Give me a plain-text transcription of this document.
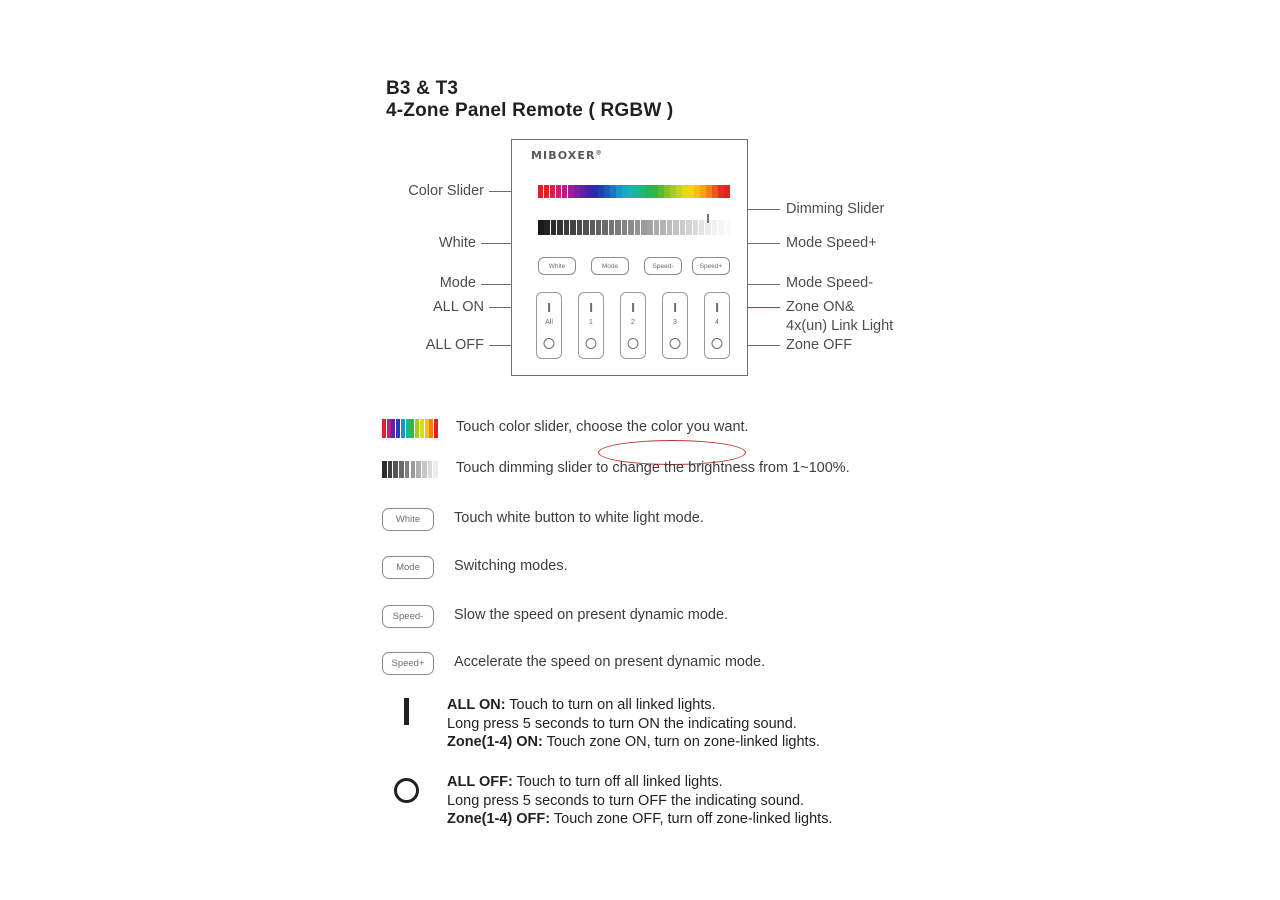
B3 & T3
4-Zone Panel Remote ( RGBW )
Color Slider
White
Mode
ALL ON
ALL OFF
Dimming Slider
Mode Speed+
Mode Speed-
Zone ON&
4x(un) Link Light
Zone OFF
MIBOXER®
White	Mode	Speed-	Speed+
All	1	2	3	4
Touch color slider, choose the color you want.
Touch dimming slider to change the brightness from 1~100%.
White Touch white button to white light mode.
Mode Switching modes.
Speed- Slow the speed on present dynamic mode.
Speed+ Accelerate the speed on present dynamic mode.
ALL ON: Touch to turn on all linked lights.
Long press 5 seconds to turn ON the indicating sound.
Zone(1-4) ON: Touch zone ON, turn on zone-linked lights.
ALL OFF: Touch to turn off all linked lights.
Long press 5 seconds to turn OFF the indicating sound.
Zone(1-4) OFF: Touch zone OFF, turn off zone-linked lights.
